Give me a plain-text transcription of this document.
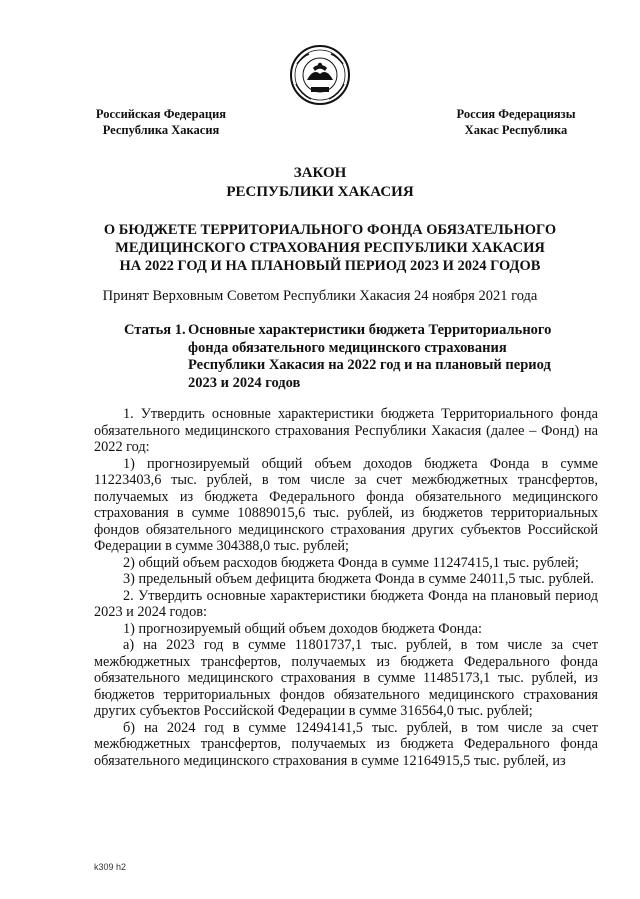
Российская Федерация
Республика Хакасия
Россия Федерациязы
Хакас Республика
ЗАКОН
РЕСПУБЛИКИ ХАКАСИЯ
О БЮДЖЕТЕ ТЕРРИТОРИАЛЬНОГО ФОНДА ОБЯЗАТЕЛЬНОГО
МЕДИЦИНСКОГО СТРАХОВАНИЯ РЕСПУБЛИКИ ХАКАСИЯ
НА 2022 ГОД И НА ПЛАНОВЫЙ ПЕРИОД 2023 И 2024 ГОДОВ
Принят Верховным Советом Республики Хакасия 24 ноября 2021 года
Статья 1. Основные характеристики бюджета Территориального
фонда обязательного медицинского страхования
Республики Хакасия на 2022 год и на плановый период
2023 и 2024 годов

1. Утвердить основные характеристики бюджета Территориального фонда обязательного медицинского страхования Республики Хакасия (далее – Фонд) на 2022 год:

1) прогнозируемый общий объем доходов бюджета Фонда в сумме 11223403,6 тыс. рублей, в том числе за счет межбюджетных трансфертов, получаемых из бюджета Федерального фонда обязательного медицинского страхования в сумме 10889015,6 тыс. рублей, из бюджетов территориальных фондов обязательного медицинского страхования других субъектов Российской Федерации в сумме 304388,0 тыс. рублей;

2) общий объем расходов бюджета Фонда в сумме 11247415,1 тыс. рублей;

3) предельный объем дефицита бюджета Фонда в сумме 24011,5 тыс. рублей.

2. Утвердить основные характеристики бюджета Фонда на плановый период 2023 и 2024 годов:

1) прогнозируемый общий объем доходов бюджета Фонда:

а) на 2023 год в сумме 11801737,1 тыс. рублей, в том числе за счет межбюджетных трансфертов, получаемых из бюджета Федерального фонда обязательного медицинского страхования в сумме 11485173,1 тыс. рублей, из бюджетов территориальных фондов обязательного медицинского страхования других субъектов Российской Федерации в сумме 316564,0 тыс. рублей;

б) на 2024 год в сумме 12494141,5 тыс. рублей, в том числе за счет межбюджетных трансфертов, получаемых из бюджета Федерального фонда обязательного медицинского страхования в сумме 12164915,5 тыс. рублей, из

k309 h2
